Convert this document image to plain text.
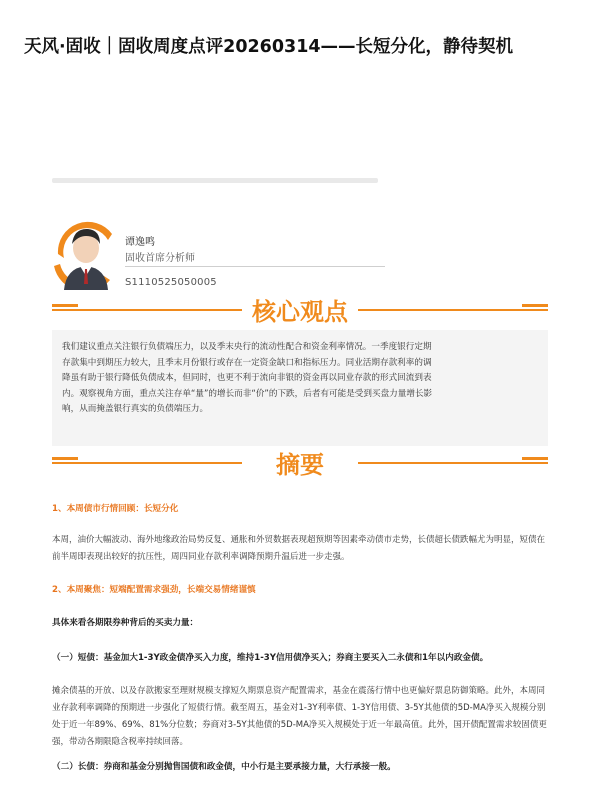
天风·固收｜固收周度点评20260314——长短分化，静待契机
谭逸鸣
固收首席分析师
S1110525050005
核心观点
我们建议重点关注银行负债端压力，以及季末央行的流动性配合和资金利率情况。一季度银行定期存款集中到期压力较大，且季末月份银行或存在一定资金缺口和指标压力。同业活期存款利率的调降虽有助于银行降低负债成本，但同时，也更不利于流向非银的资金再以同业存款的形式回流到表内。观察视角方面，重点关注存单“量”的增长而非“价”的下跌，后者有可能是受到买盘力量增长影响，从而掩盖银行真实的负债端压力。
摘要
1、本周债市行情回顾：长短分化
本周，油价大幅波动、海外地缘政治局势反复、通胀和外贸数据表现超预期等因素牵动债市走势，长债超长债跌幅尤为明显，短债在前半周即表现出较好的抗压性，周四同业存款利率调降预期升温后进一步走强。
2、本周聚焦：短端配置需求强劲，长端交易情绪谨慎
具体来看各期限券种背后的买卖力量：
（一）短债：基金加大1-3Y政金债净买入力度，维持1-3Y信用债净买入；券商主要买入二永债和1年以内政金债。
摊余债基的开放、以及存款搬家至理财规模支撑短久期票息资产配置需求，基金在震荡行情中也更偏好票息防御策略。此外，本周同业存款利率调降的预期进一步强化了短债行情。截至周五，基金对1-3Y利率债、1-3Y信用债、3-5Y其他债的5D-MA净买入规模分别处于近一年89%、69%、81%分位数；券商对3-5Y其他债的5D-MA净买入规模处于近一年最高值。此外，国开债配置需求较固债更强，带动各期限隐含税率持续回落。
（二）长债：券商和基金分别抛售国债和政金债，中小行是主要承接力量，大行承接一般。
